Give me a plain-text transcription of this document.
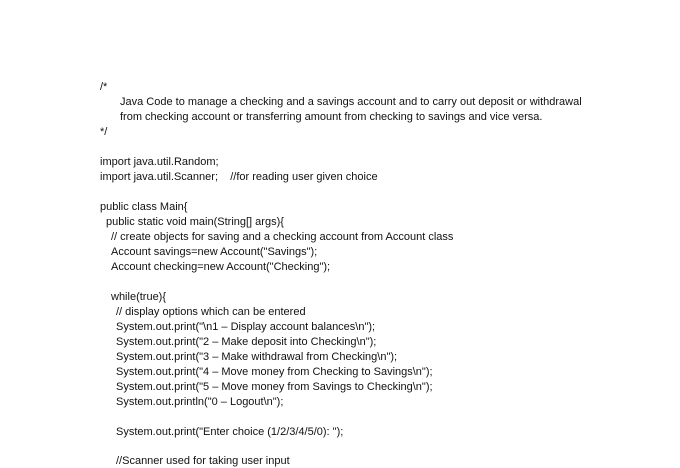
/*
Java Code to manage a checking and a savings account and to carry out deposit or withdrawal
from checking account or transferring amount from checking to savings and vice versa.
*/
import java.util.Random;
import java.util.Scanner;    //for reading user given choice
public class Main{
public static void main(String[] args){
// create objects for saving and a checking account from Account class
Account savings=new Account("Savings");
Account checking=new Account("Checking");
while(true){
// display options which can be entered
System.out.print("\n1 – Display account balances\n");
System.out.print("2 – Make deposit into Checking\n");
System.out.print("3 – Make withdrawal from Checking\n");
System.out.print("4 – Move money from Checking to Savings\n");
System.out.print("5 – Move money from Savings to Checking\n");
System.out.println("0 – Logout\n");
System.out.print("Enter choice (1/2/3/4/5/0): ");
//Scanner used for taking user input
